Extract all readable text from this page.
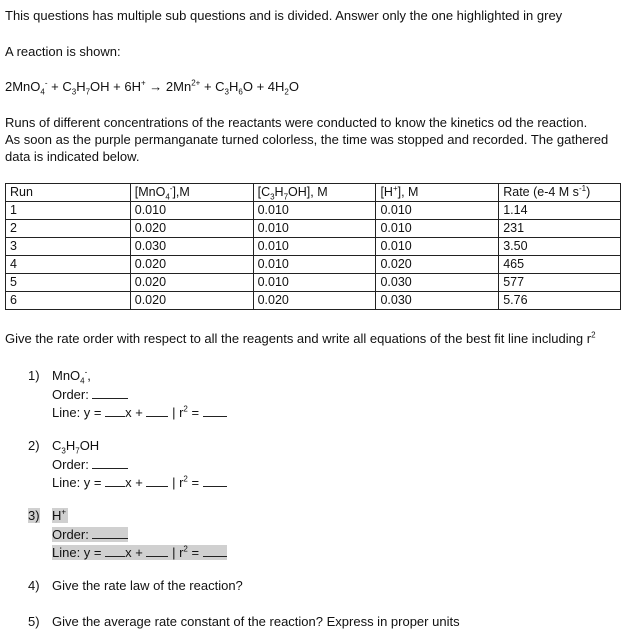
This questions has multiple sub questions and is divided. Answer only the one highlighted in grey
A reaction is shown:
$2MnO_4^- + C_3H_7OH + 6H^+ \to 2Mn^{2+} + C_3H_6O + 4H_2O$
Runs of different concentrations of the reactants were conducted to know the kinetics od the reaction.
As soon as the purple permanganate turned colorless, the time was stopped and recorded. The gathered
data is indicated below.
Run	[MnO$_4$-],M	$[C_3H_7OH]$, M	[H+], M	Rate (e-4 M $s^{-1}$)
1	0.010	0.010	0.010	1.14
2	0.020	0.010	0.010	231
3	0.030	0.010	0.010	3.50
4	0.020	0.010	0.020	465
5	0.020	0.010	0.030	577
6	0.020	0.020	0.030	5.76
Give the rate order with respect to all the reagents and write all equations of the best fit line including $r^2$
1) MnO$_4$-,
Order:
Line: y = x + | $r^2$ =
2) $C_3H_7OH$
Order:
Line: y = x + | $r^2$ =
3) H+
Order:
Line: y = x + | $r^2$ =
4) Give the rate law of the reaction?
5) Give the average rate constant of the reaction? Express in proper units
